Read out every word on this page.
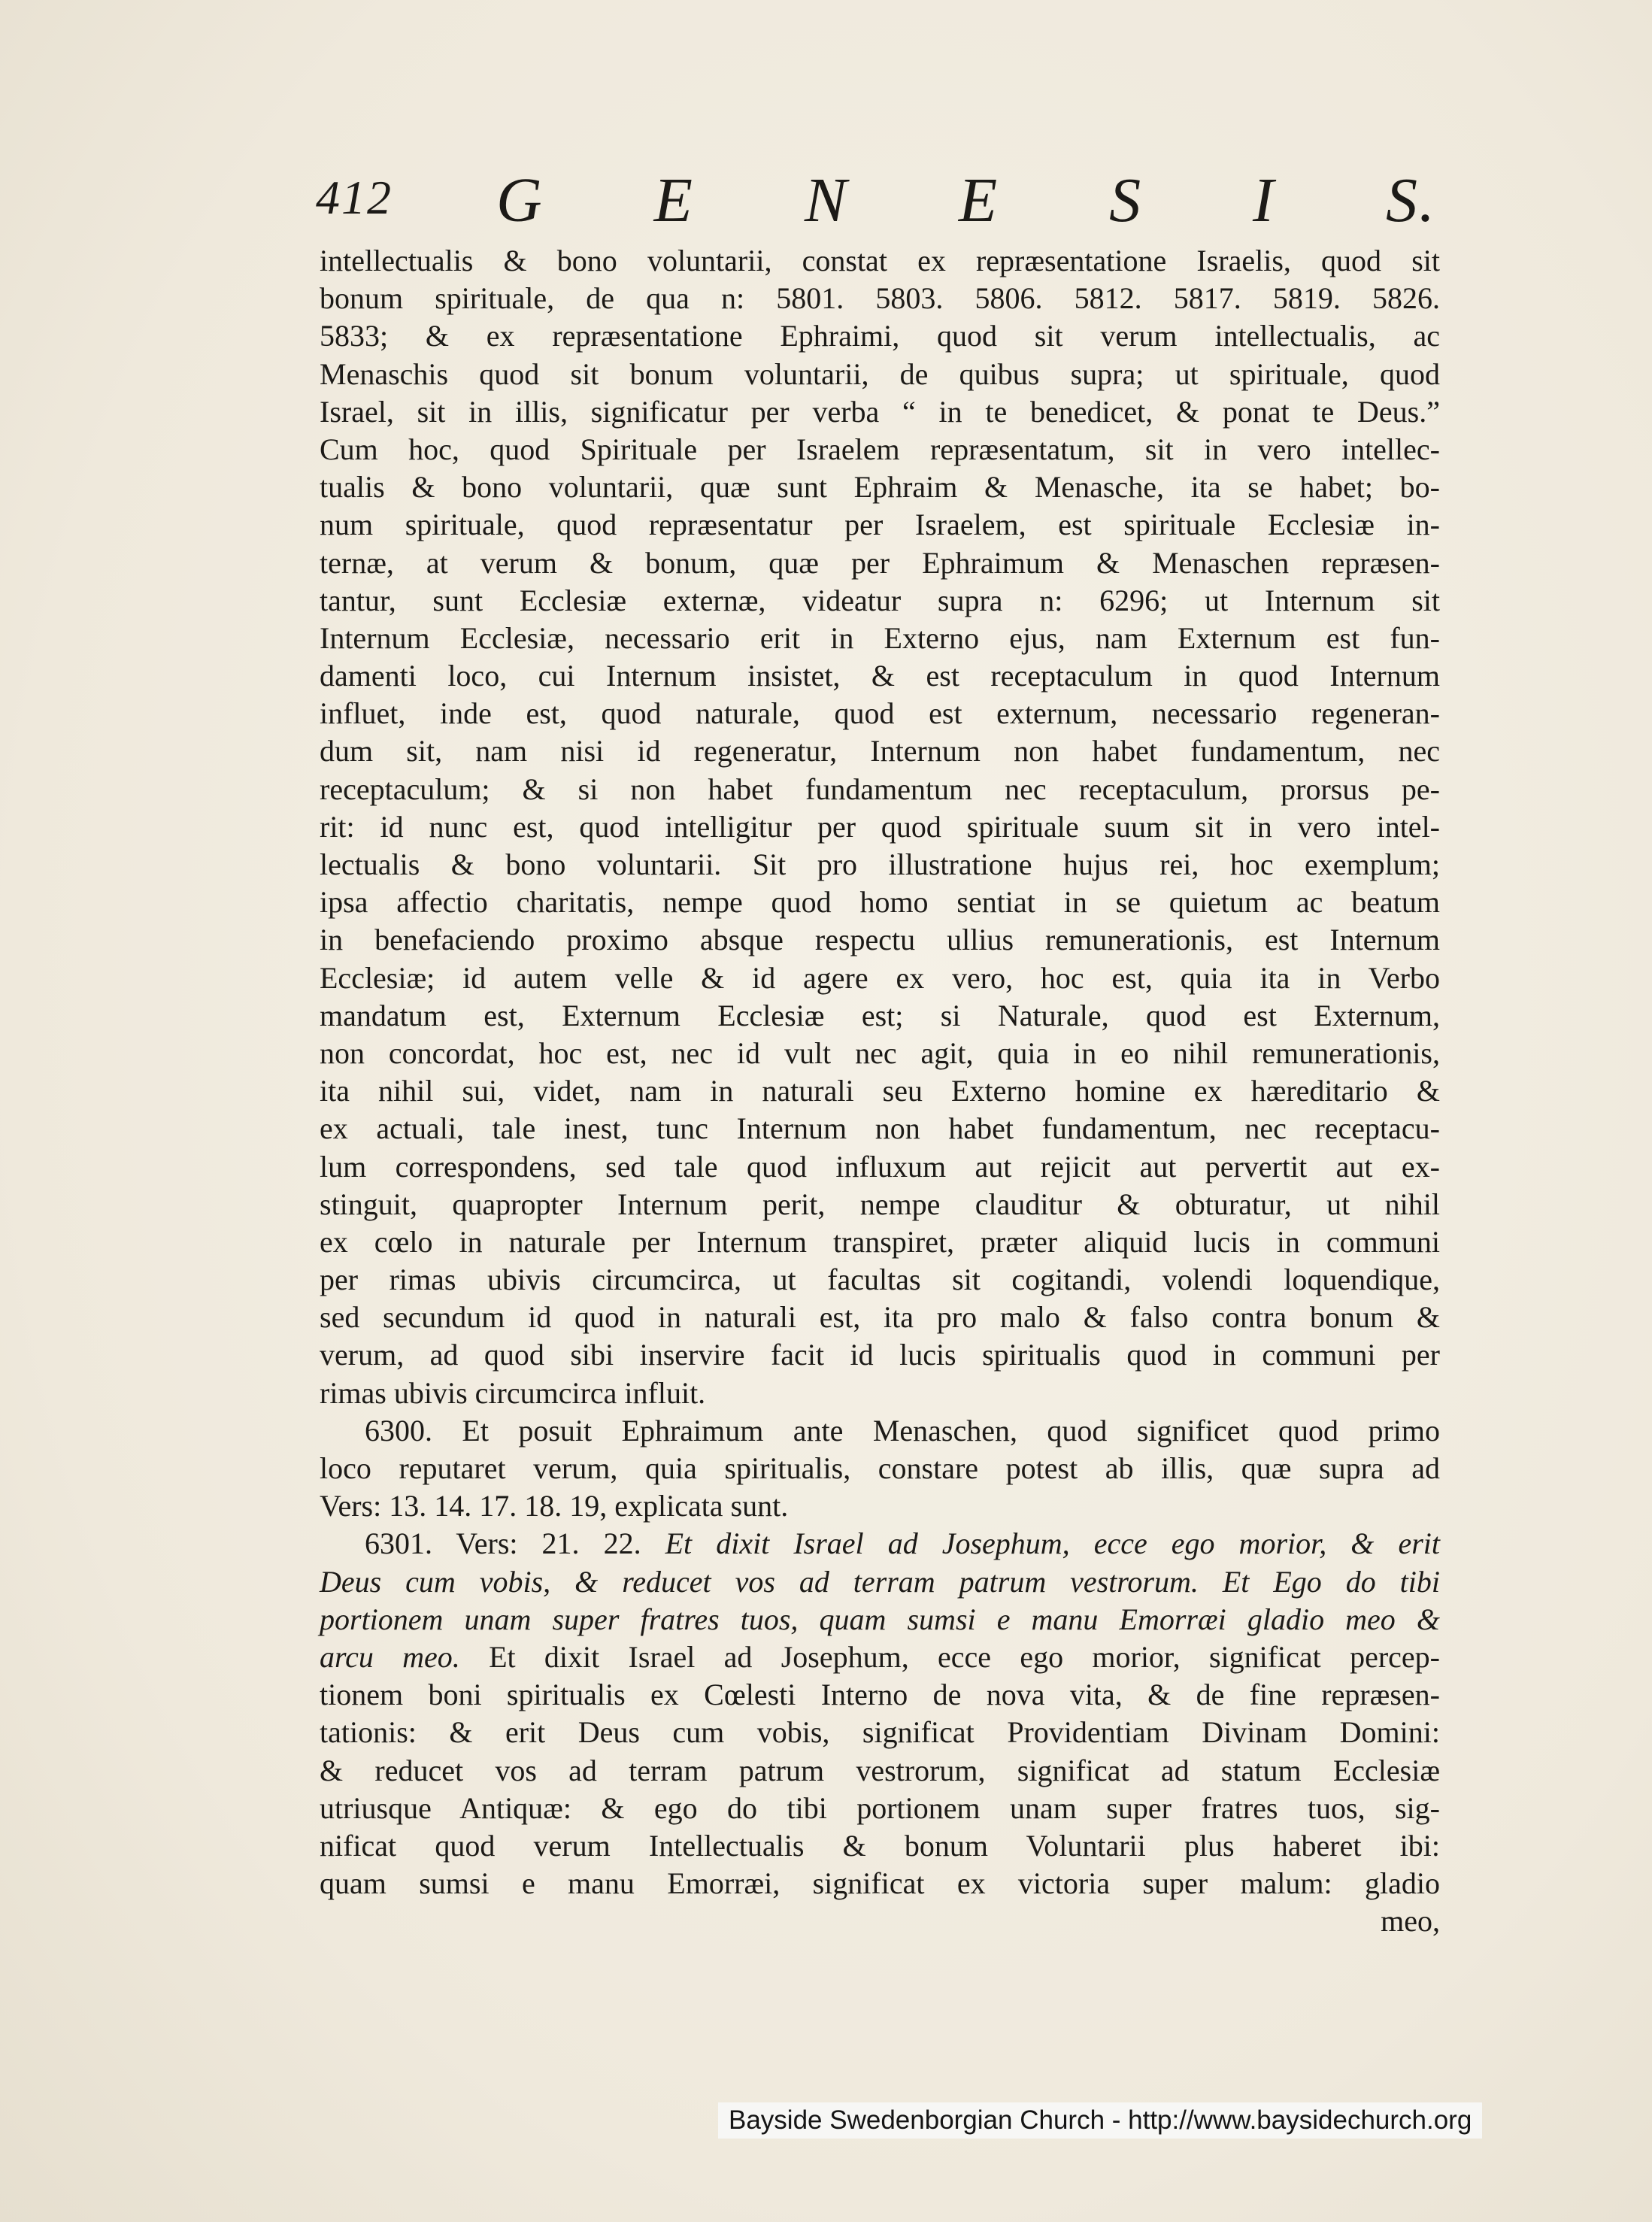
412 G E N E S I S.
intellectualis & bono voluntarii, constat ex repræsentatione Israelis, quod sit
bonum spirituale, de qua n: 5801. 5803. 5806. 5812. 5817. 5819. 5826.
5833; & ex repræsentatione Ephraimi, quod sit verum intellectualis, ac
Menaschis quod sit bonum voluntarii, de quibus supra; ut spirituale, quod
Israel, sit in illis, significatur per verba “ in te benedicet, & ponat te Deus.”
Cum hoc, quod Spirituale per Israelem repræsentatum, sit in vero intellec-
tualis & bono voluntarii, quæ sunt Ephraim & Menasche, ita se habet; bo-
num spirituale, quod repræsentatur per Israelem, est spirituale Ecclesiæ in-
ternæ, at verum & bonum, quæ per Ephraimum & Menaschen repræsen-
tantur, sunt Ecclesiæ externæ, videatur supra n: 6296; ut Internum sit
Internum Ecclesiæ, necessario erit in Externo ejus, nam Externum est fun-
damenti loco, cui Internum insistet, & est receptaculum in quod Internum
influet, inde est, quod naturale, quod est externum, necessario regeneran-
dum sit, nam nisi id regeneratur, Internum non habet fundamentum, nec
receptaculum; & si non habet fundamentum nec receptaculum, prorsus pe-
rit: id nunc est, quod intelligitur per quod spirituale suum sit in vero intel-
lectualis & bono voluntarii. Sit pro illustratione hujus rei, hoc exemplum;
ipsa affectio charitatis, nempe quod homo sentiat in se quietum ac beatum
in benefaciendo proximo absque respectu ullius remunerationis, est Internum
Ecclesiæ; id autem velle & id agere ex vero, hoc est, quia ita in Verbo
mandatum est, Externum Ecclesiæ est; si Naturale, quod est Externum,
non concordat, hoc est, nec id vult nec agit, quia in eo nihil remunerationis,
ita nihil sui, videt, nam in naturali seu Externo homine ex hæreditario &
ex actuali, tale inest, tunc Internum non habet fundamentum, nec receptacu-
lum correspondens, sed tale quod influxum aut rejicit aut pervertit aut ex-
stinguit, quapropter Internum perit, nempe clauditur & obturatur, ut nihil
ex cœlo in naturale per Internum transpiret, præter aliquid lucis in communi
per rimas ubivis circumcirca, ut facultas sit cogitandi, volendi loquendique,
sed secundum id quod in naturali est, ita pro malo & falso contra bonum &
verum, ad quod sibi inservire facit id lucis spiritualis quod in communi per
rimas ubivis circumcirca influit.
6300. Et posuit Ephraimum ante Menaschen, quod significet quod primo
loco reputaret verum, quia spiritualis, constare potest ab illis, quæ supra ad
Vers: 13. 14. 17. 18. 19, explicata sunt.
6301. Vers: 21. 22. Et dixit Israel ad Josephum, ecce ego morior, & erit
Deus cum vobis, & reducet vos ad terram patrum vestrorum. Et Ego do tibi
portionem unam super fratres tuos, quam sumsi e manu Emorræi gladio meo &
arcu meo. Et dixit Israel ad Josephum, ecce ego morior, significat percep-
tionem boni spiritualis ex Cœlesti Interno de nova vita, & de fine repræsen-
tationis: & erit Deus cum vobis, significat Providentiam Divinam Domini:
& reducet vos ad terram patrum vestrorum, significat ad statum Ecclesiæ
utriusque Antiquæ: & ego do tibi portionem unam super fratres tuos, sig-
nificat quod verum Intellectualis & bonum Voluntarii plus haberet ibi:
quam sumsi e manu Emorræi, significat ex victoria super malum: gladio
meo,
Bayside Swedenborgian Church - http://www.baysidechurch.org
